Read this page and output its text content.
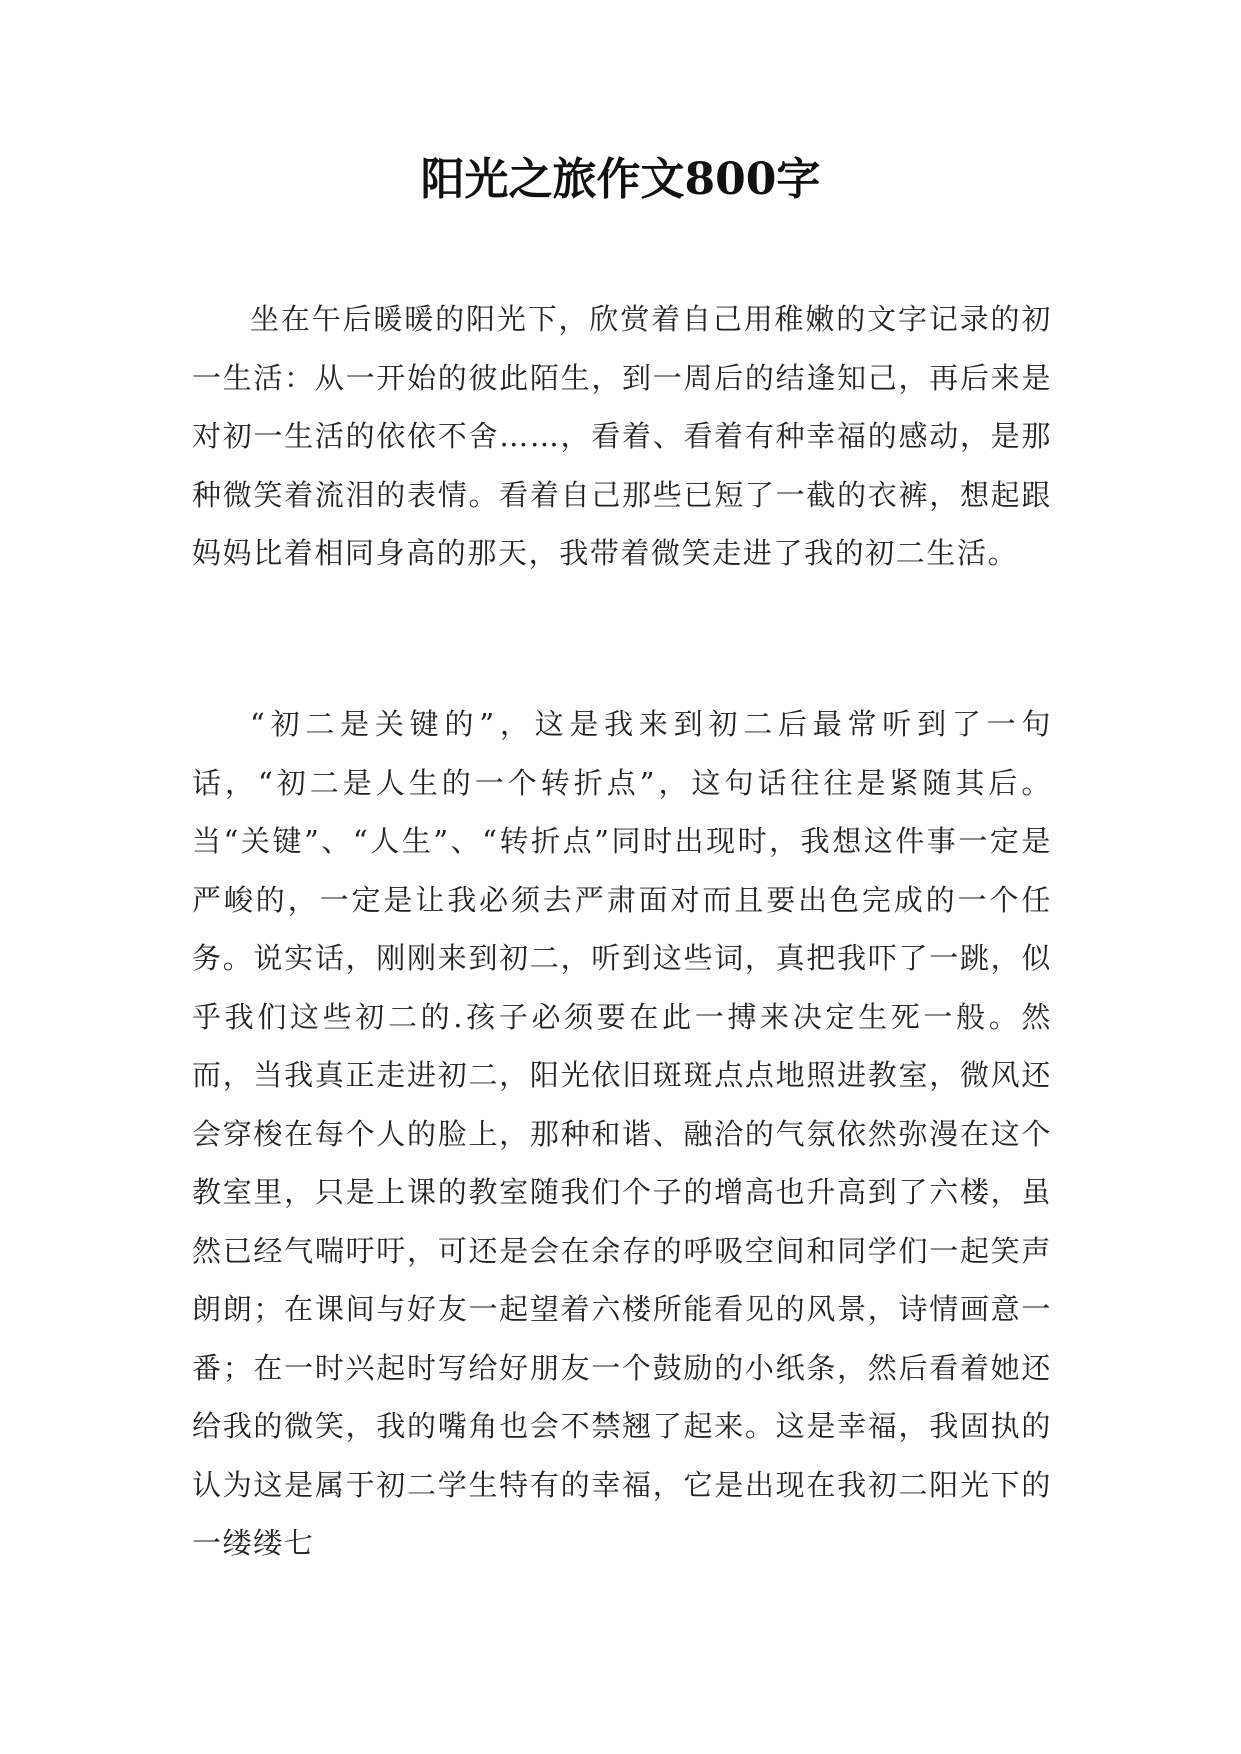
阳光之旅作文800字

坐在午后暖暖的阳光下，欣赏着自己用稚嫩的文字记录的初一生活：从一开始的彼此陌生，到一周后的结逢知己，再后来是对初一生活的依依不舍……，看着、看着有种幸福的感动，是那种微笑着流泪的表情。看着自己那些已短了一截的衣裤，想起跟妈妈比着相同身高的那天，我带着微笑走进了我的初二生活。

“初二是关键的”，这是我来到初二后最常听到了一句话，“初二是人生的一个转折点”，这句话往往是紧随其后。当“关键”、“人生”、“转折点”同时出现时，我想这件事一定是严峻的，一定是让我必须去严肃面对而且要出色完成的一个任务。说实话，刚刚来到初二，听到这些词，真把我吓了一跳，似乎我们这些初二的.孩子必须要在此一搏来决定生死一般。然而，当我真正走进初二，阳光依旧斑斑点点地照进教室，微风还会穿梭在每个人的脸上，那种和谐、融洽的气氛依然弥漫在这个教室里，只是上课的教室随我们个子的增高也升高到了六楼，虽然已经气喘吁吁，可还是会在余存的呼吸空间和同学们一起笑声朗朗；在课间与好友一起望着六楼所能看见的风景，诗情画意一番；在一时兴起时写给好朋友一个鼓励的小纸条，然后看着她还给我的微笑，我的嘴角也会不禁翘了起来。这是幸福，我固执的认为这是属于初二学生特有的幸福，它是出现在我初二阳光下的一缕缕七
